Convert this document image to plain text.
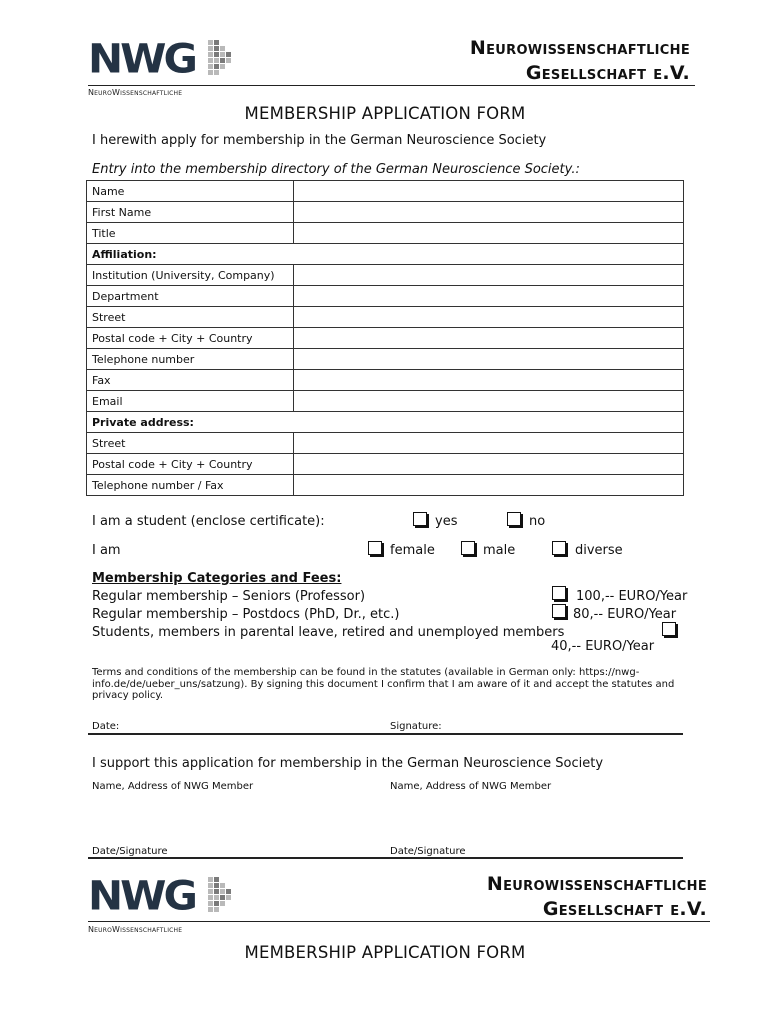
NWG
NeuroWissenschaftliche
Neurowissenschaftliche
Gesellschaft e.V.
MEMBERSHIP APPLICATION FORM
I herewith apply for membership in the German Neuroscience Society
Entry into the membership directory of the German Neuroscience Society.:
Name	
First Name	
Title	
Affiliation:	
Institution (University, Company)	
Department	
Street	
Postal code + City + Country	
Telephone number	
Fax	
Email	
Private address:	
Street	
Postal code + City + Country	
Telephone number / Fax	
I am a student (enclose certificate):	yes	no
I am	female	male	diverse
Membership Categories and Fees:
Regular membership – Seniors (Professor)	100,-- EURO/Year
Regular membership – Postdocs (PhD, Dr., etc.)	80,-- EURO/Year
Students, members in parental leave, retired and unemployed members
40,-- EURO/Year
Terms and conditions of the membership can be found in the statutes (available in German only: https://nwg-info.de/de/ueber_uns/satzung). By signing this document I confirm that I am aware of it and accept the statutes and privacy policy.
Date:	Signature:
I support this application for membership in the German Neuroscience Society
Name, Address of NWG Member	Name, Address of NWG Member
Date/Signature	Date/Signature
NWG
NeuroWissenschaftliche
Neurowissenschaftliche
Gesellschaft e.V.
MEMBERSHIP APPLICATION FORM
